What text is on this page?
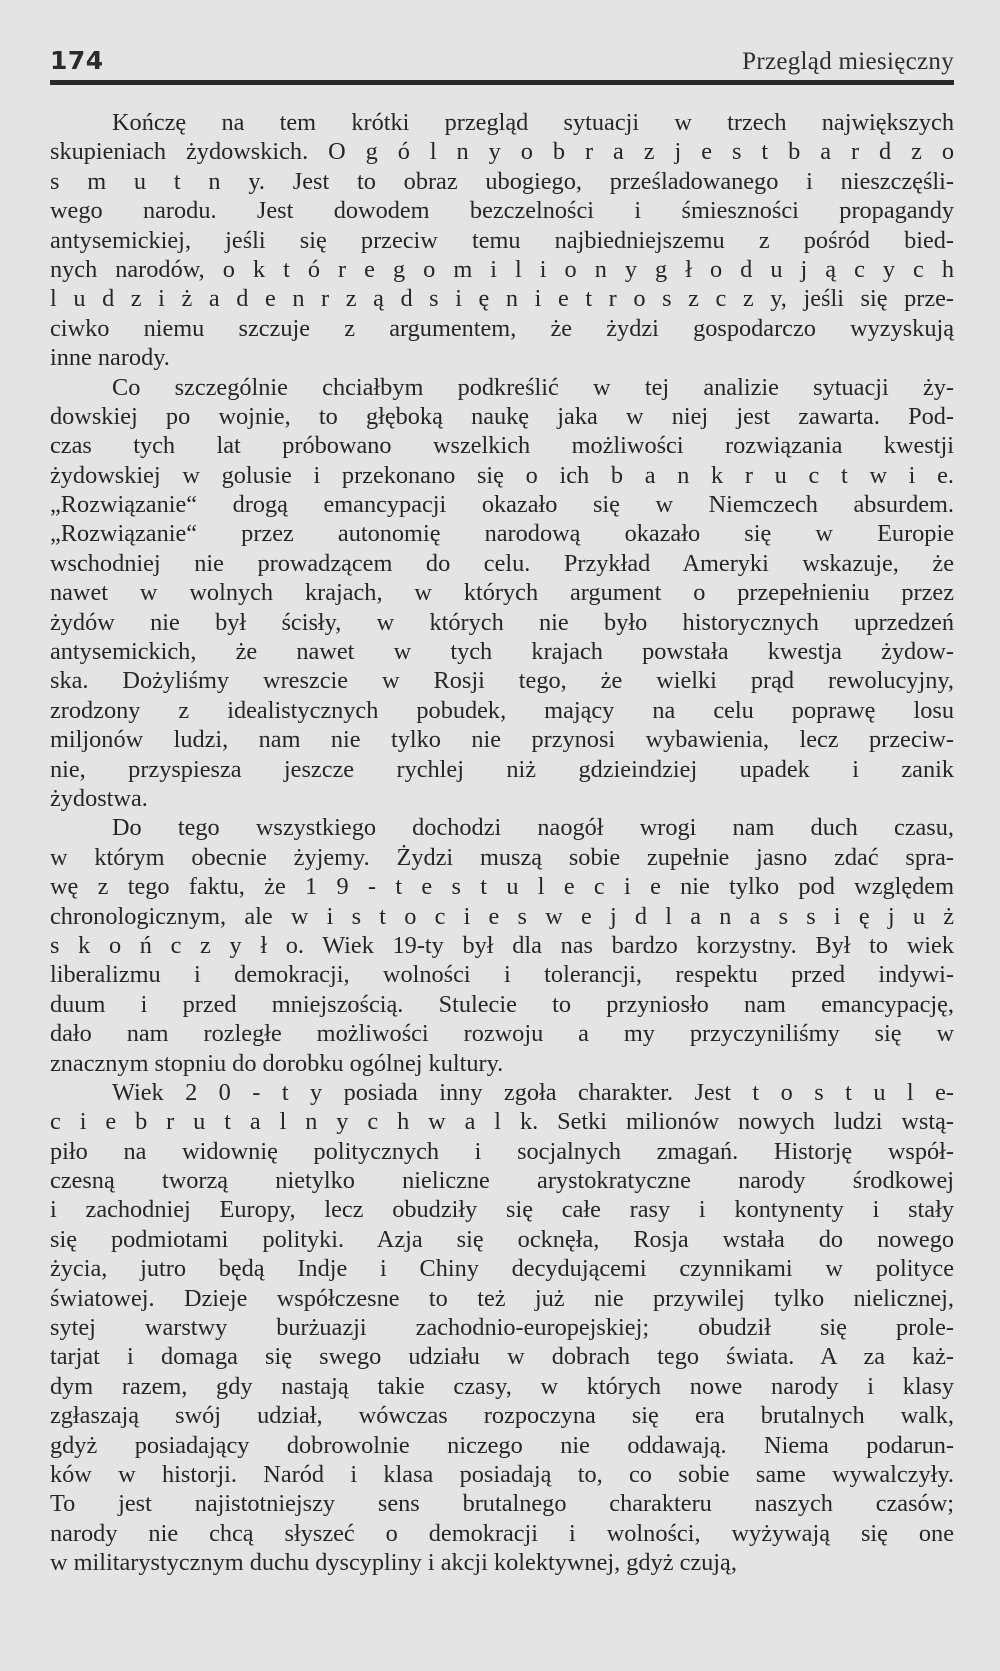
174	Przegląd miesięczny
Kończę na tem krótki przegląd sytuacji w trzech największych
skupieniach żydowskich. O g ó l n y o b r a z j e s t b a r d z o
s m u t n y. Jest to obraz ubogiego, prześladowanego i nieszczęśli-
wego narodu. Jest dowodem bezczelności i śmieszności propagandy
antysemickiej, jeśli się przeciw temu najbiedniejszemu z pośród bied-
nych narodów, o k t ó r e g o m i l i o n y g ł o d u j ą c y c h
l u d z i ż a d e n r z ą d s i ę n i e t r o s z c z y, jeśli się prze-
ciwko niemu szczuje z argumentem, że żydzi gospodarczo wyzyskują
inne narody.
Co szczególnie chciałbym podkreślić w tej analizie sytuacji ży-
dowskiej po wojnie, to głęboką naukę jaka w niej jest zawarta. Pod-
czas tych lat próbowano wszelkich możliwości rozwiązania kwestji
żydowskiej w golusie i przekonano się o ich b a n k r u c t w i e.
„Rozwiązanie“ drogą emancypacji okazało się w Niemczech absurdem.
„Rozwiązanie“ przez autonomię narodową okazało się w Europie
wschodniej nie prowadzącem do celu. Przykład Ameryki wskazuje, że
nawet w wolnych krajach, w których argument o przepełnieniu przez
żydów nie był ścisły, w których nie było historycznych uprzedzeń
antysemickich, że nawet w tych krajach powstała kwestja żydow-
ska. Dożyliśmy wreszcie w Rosji tego, że wielki prąd rewolucyjny,
zrodzony z idealistycznych pobudek, mający na celu poprawę losu
miljonów ludzi, nam nie tylko nie przynosi wybawienia, lecz przeciw-
nie, przyspiesza jeszcze rychlej niż gdzieindziej upadek i zanik
żydostwa.
Do tego wszystkiego dochodzi naogół wrogi nam duch czasu,
w którym obecnie żyjemy. Żydzi muszą sobie zupełnie jasno zdać spra-
wę z tego faktu, że 1 9 - t e s t u l e c i e nie tylko pod względem
chronologicznym, ale w i s t o c i e s w e j d l a n a s s i ę j u ż
s k o ń c z y ł o. Wiek 19-ty był dla nas bardzo korzystny. Był to wiek
liberalizmu i demokracji, wolności i tolerancji, respektu przed indywi-
duum i przed mniejszością. Stulecie to przyniosło nam emancypację,
dało nam rozległe możliwości rozwoju a my przyczyniliśmy się w
znacznym stopniu do dorobku ogólnej kultury.
Wiek 2 0 - t y posiada inny zgoła charakter. Jest t o s t u l e-
c i e b r u t a l n y c h w a l k. Setki milionów nowych ludzi wstą-
piło na widownię politycznych i socjalnych zmagań. Historję współ-
czesną tworzą nietylko nieliczne arystokratyczne narody środkowej
i zachodniej Europy, lecz obudziły się całe rasy i kontynenty i stały
się podmiotami polityki. Azja się ocknęła, Rosja wstała do nowego
życia, jutro będą Indje i Chiny decydującemi czynnikami w polityce
światowej. Dzieje współczesne to też już nie przywilej tylko nielicznej,
sytej warstwy burżuazji zachodnio-europejskiej; obudził się prole-
tarjat i domaga się swego udziału w dobrach tego świata. A za każ-
dym razem, gdy nastają takie czasy, w których nowe narody i klasy
zgłaszają swój udział, wówczas rozpoczyna się era brutalnych walk,
gdyż posiadający dobrowolnie niczego nie oddawają. Niema podarun-
ków w historji. Naród i klasa posiadają to, co sobie same wywalczyły.
To jest najistotniejszy sens brutalnego charakteru naszych czasów;
narody nie chcą słyszeć o demokracji i wolności, wyżywają się one
w militarystycznym duchu dyscypliny i akcji kolektywnej, gdyż czują,
